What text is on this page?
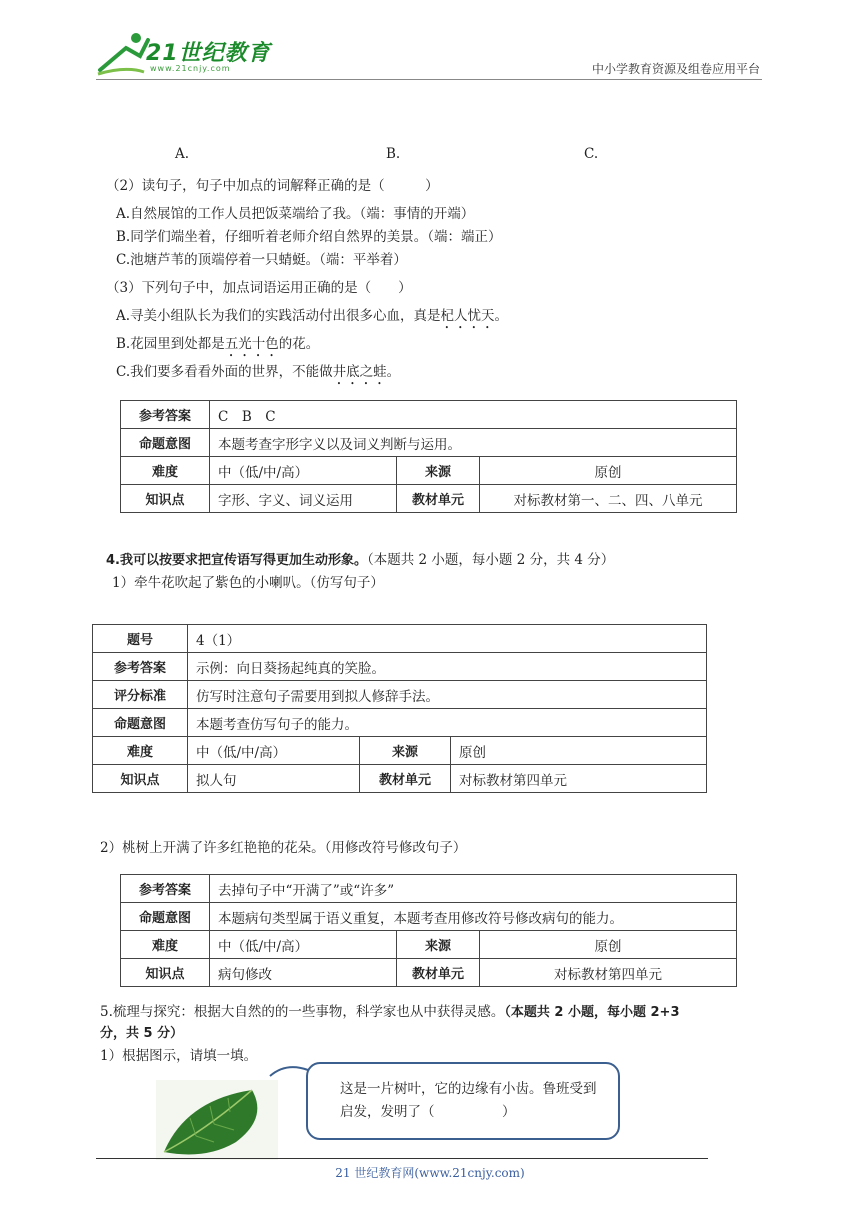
21世纪教育
www.21cnjy.com	中小学教育资源及组卷应用平台
A.	B.	C.
（2）读句子，句子中加点的词解释正确的是（　　　）
A.自然展馆的工作人员把饭菜端给了我。（端：事情的开端）
B.同学们端坐着，仔细听着老师介绍自然界的美景。（端：端正）
C.池塘芦苇的顶端停着一只蜻蜓。（端：平举着）
（3）下列句子中，加点词语运用正确的是（　　）
A.寻美小组队长为我们的实践活动付出很多心血，真是杞人忧天。
B.花园里到处都是五光十色的花。
C.我们要多看看外面的世界，不能做井底之蛙。
参考答案	C　B　C		
命题意图	本题考查字形字义以及词义判断与运用。		
难度	中（低/中/高）	来源	原创
知识点	字形、字义、词义运用	教材单元	对标教材第一、二、四、八单元
4.我可以按要求把宣传语写得更加生动形象。（本题共 2 小题，每小题 2 分，共 4 分）
1）牵牛花吹起了紫色的小喇叭。（仿写句子）
题号	4（1）		
参考答案	示例：向日葵扬起纯真的笑脸。		
评分标准	仿写时注意句子需要用到拟人修辞手法。		
命题意图	本题考查仿写句子的能力。		
难度	中（低/中/高）	来源	原创
知识点	拟人句	教材单元	对标教材第四单元
2）桃树上开满了许多红艳艳的花朵。（用修改符号修改句子）
参考答案	去掉句子中“开满了”或“许多”		
命题意图	本题病句类型属于语义重复，本题考查用修改符号修改病句的能力。		
难度	中（低/中/高）	来源	原创
知识点	病句修改	教材单元	对标教材第四单元
5.梳理与探究：根据大自然的的一些事物，科学家也从中获得灵感。（本题共 2 小题，每小题 2+3
分，共 5 分）
1）根据图示，请填一填。
这是一片树叶，它的边缘有小齿。鲁班受到启发，发明了（　　　　　）
21 世纪教育网(www.21cnjy.com)
